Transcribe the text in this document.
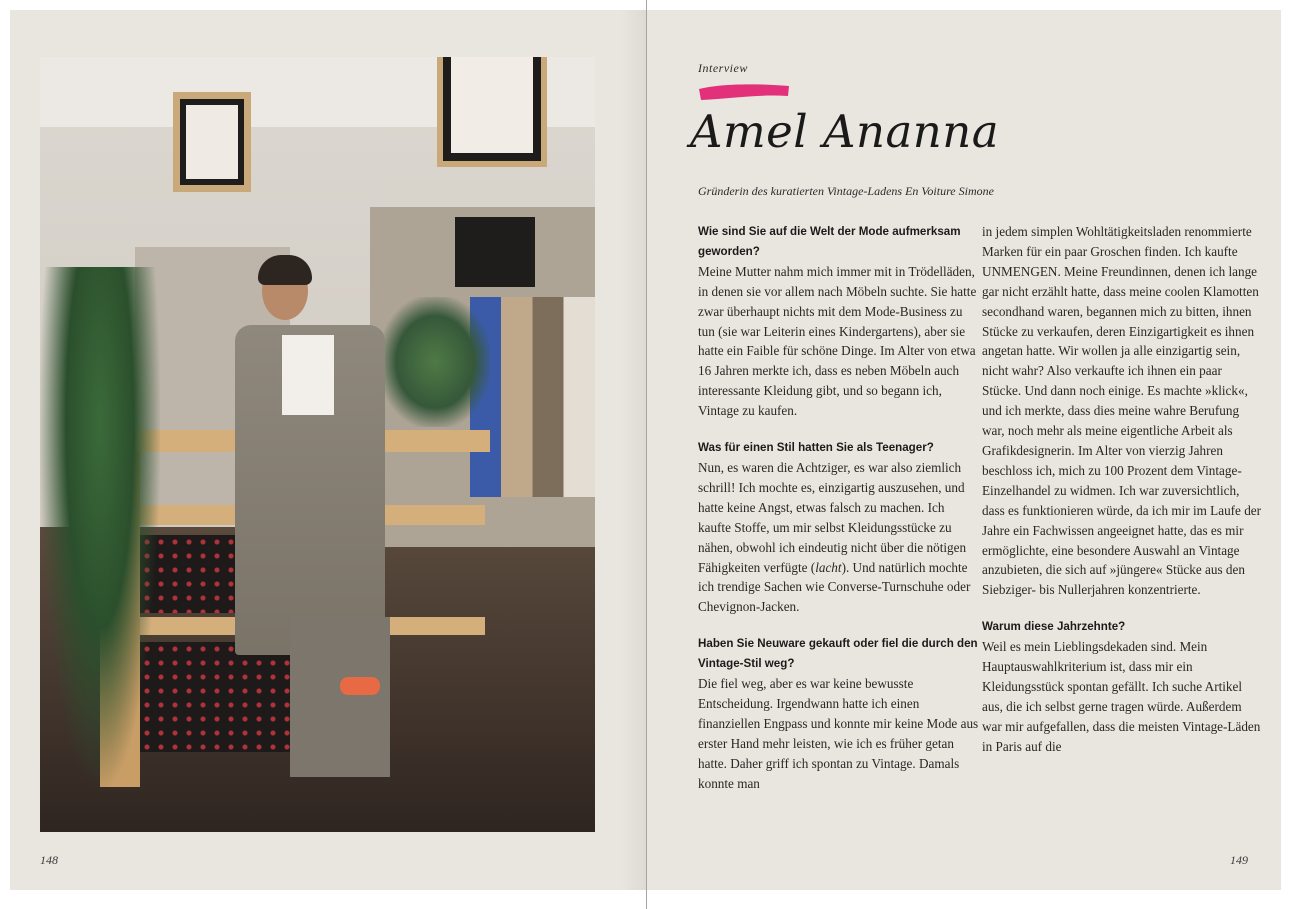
148	149
Interview
Amel Ananna
Gründerin des kuratierten Vintage-Ladens En Voiture Simone
Wie sind Sie auf die Welt der Mode aufmerksam geworden?
Meine Mutter nahm mich immer mit in Trödelläden, in denen sie vor allem nach Möbeln suchte. Sie hatte zwar überhaupt nichts mit dem Mode-Business zu tun (sie war Leiterin eines Kindergartens), aber sie hatte ein Faible für schöne Dinge. Im Alter von etwa 16 Jahren merkte ich, dass es neben Möbeln auch interessante Kleidung gibt, und so begann ich, Vintage zu kaufen.
Was für einen Stil hatten Sie als Teenager?
Nun, es waren die Achtziger, es war also ziemlich schrill! Ich mochte es, einzigartig auszusehen, und hatte keine Angst, etwas falsch zu machen. Ich kaufte Stoffe, um mir selbst Kleidungsstücke zu nähen, obwohl ich eindeutig nicht über die nötigen Fähigkeiten verfügte (lacht). Und natürlich mochte ich trendige Sachen wie Converse-Turnschuhe oder Chevignon-Jacken.
Haben Sie Neuware gekauft oder fiel die durch den Vintage-Stil weg?
Die fiel weg, aber es war keine bewusste Entscheidung. Irgendwann hatte ich einen finanziellen Engpass und konnte mir keine Mode aus erster Hand mehr leisten, wie ich es früher getan hatte. Daher griff ich spontan zu Vintage. Damals konnte man
in jedem simplen Wohltätigkeitsladen renommierte Marken für ein paar Groschen finden. Ich kaufte UNMENGEN. Meine Freundinnen, denen ich lange gar nicht erzählt hatte, dass meine coolen Klamotten secondhand waren, begannen mich zu bitten, ihnen Stücke zu verkaufen, deren Einzigartigkeit es ihnen angetan hatte. Wir wollen ja alle einzigartig sein, nicht wahr? Also verkaufte ich ihnen ein paar Stücke. Und dann noch einige. Es machte »klick«, und ich merkte, dass dies meine wahre Berufung war, noch mehr als meine eigentliche Arbeit als Grafikdesignerin. Im Alter von vierzig Jahren beschloss ich, mich zu 100 Prozent dem Vintage-Einzelhandel zu widmen. Ich war zuversichtlich, dass es funktionieren würde, da ich mir im Laufe der Jahre ein Fachwissen angeeignet hatte, das es mir ermöglichte, eine besondere Auswahl an Vintage anzubieten, die sich auf »jüngere« Stücke aus den Siebziger- bis Nullerjahren konzentrierte.
Warum diese Jahrzehnte?
Weil es mein Lieblingsdekaden sind. Mein Hauptauswahlkriterium ist, dass mir ein Kleidungsstück spontan gefällt. Ich suche Artikel aus, die ich selbst gerne tragen würde. Außerdem war mir aufgefallen, dass die meisten Vintage-Läden in Paris auf die
